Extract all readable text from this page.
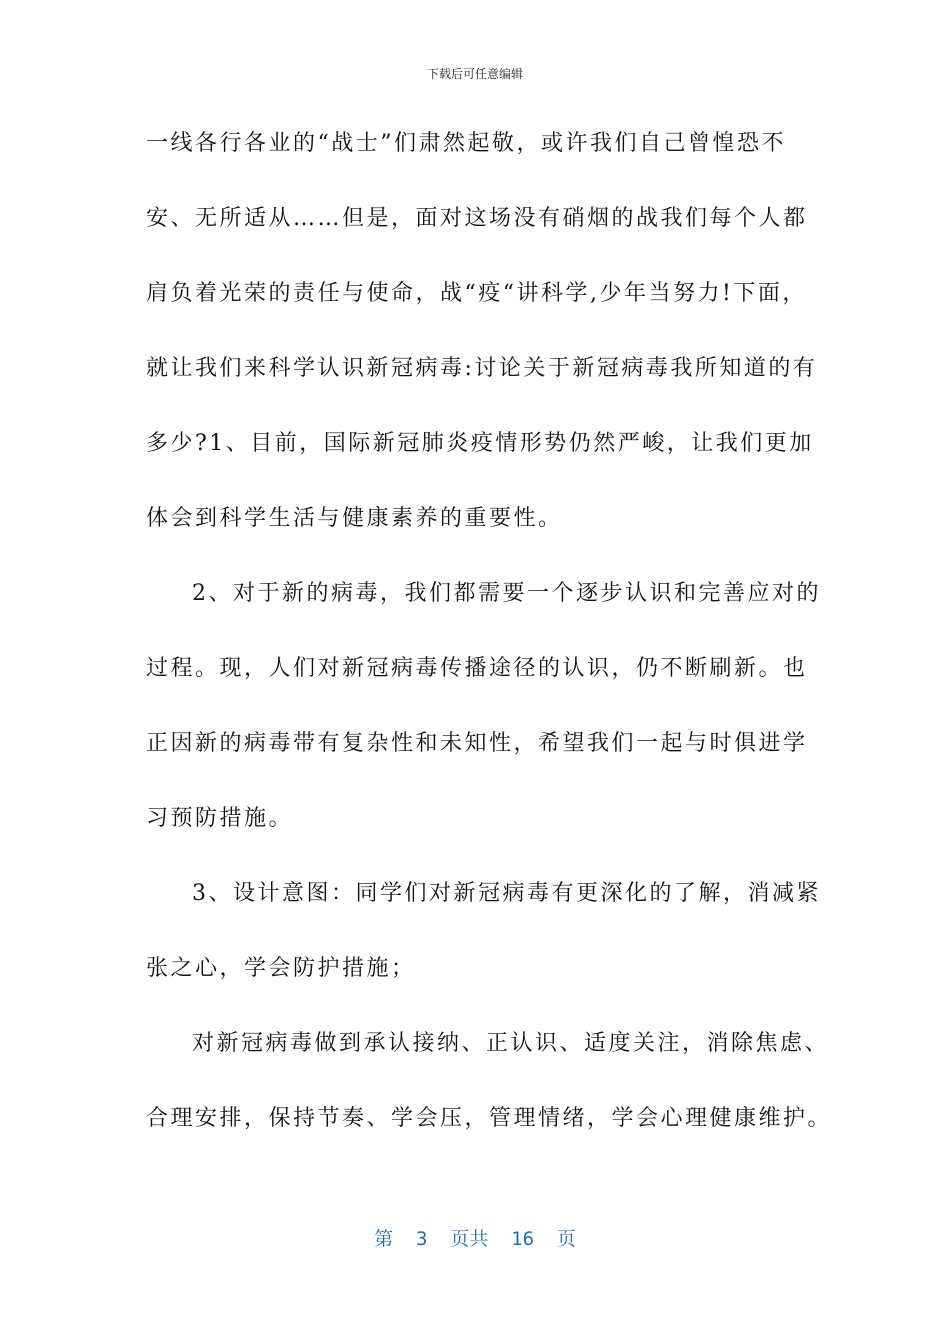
下载后可任意编辑
一线各行各业的“战士”们肃然起敬，或许我们自己曾惶恐不
安、无所适从……但是，面对这场没有硝烟的战我们每个人都
肩负着光荣的责任与使命，战“疫“讲科学,少年当努力!下面，
就让我们来科学认识新冠病毒:讨论关于新冠病毒我所知道的有
多少?1、目前，国际新冠肺炎疫情形势仍然严峻，让我们更加
体会到科学生活与健康素养的重要性。
2、对于新的病毒，我们都需要一个逐步认识和完善应对的
过程。现，人们对新冠病毒传播途径的认识，仍不断刷新。也
正因新的病毒带有复杂性和未知性，希望我们一起与时俱进学
习预防措施。
3、设计意图：同学们对新冠病毒有更深化的了解，消减紧
张之心，学会防护措施；
对新冠病毒做到承认接纳、正认识、适度关注，消除焦虑、
合理安排，保持节奏、学会压，管理情绪，学会心理健康维护。
第  3  页共  16  页
